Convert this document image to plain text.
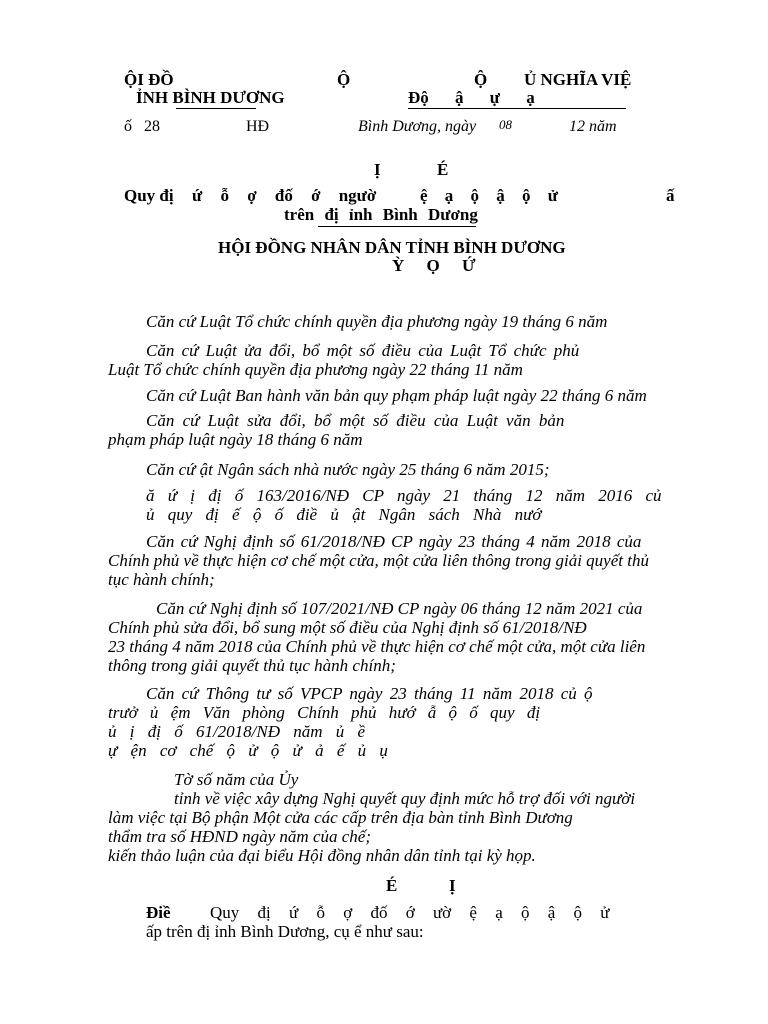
ỘI ĐỒ
ỈNH BÌNH DƯƠNG
ố 28	HĐ
Ộ	Ộ Ủ NGHĨA VIỆ
Độ ậ ự ạ
Bình Dương, ngày 08	12 năm
Ị	É
Quy đị ứ ỗ ợ đố ớ ngườ	ệ ạ ộ ậ ộ ử	ấ
trên đị ỉnh Bình Dương
HỘI ĐỒNG NHÂN DÂN TỈNH BÌNH DƯƠNG
Ỳ Ọ Ứ
Căn cứ Luật Tổ chức chính quyền địa phương ngày 19 tháng 6 năm
Căn cứ Luật ửa đổi, bổ một số điều của Luật Tổ chức phủ
Luật Tổ chức chính quyền địa phương ngày 22 tháng 11 năm
Căn cứ Luật Ban hành văn bản quy phạm pháp luật ngày 22 tháng 6 năm
Căn cứ Luật sửa đổi, bổ một số điều của Luật văn bản
phạm pháp luật ngày 18 tháng 6 năm
Căn cứ ật Ngân sách nhà nước ngày 25 tháng 6 năm 2015;
ă ứ ị đị ố 163/2016/NĐ CP ngày 21 tháng 12 năm 2016 củ
ủ quy đị ế ộ ố điề ủ ật Ngân sách Nhà nướ
Căn cứ Nghị định số 61/2018/NĐ CP ngày 23 tháng 4 năm 2018 của
Chính phủ về thực hiện cơ chế một cửa, một cửa liên thông trong giải quyết thủ
tục hành chính;
Căn cứ Nghị định số 107/2021/NĐ CP ngày 06 tháng 12 năm 2021 của
Chính phủ sửa đổi, bổ sung một số điều của Nghị định số 61/2018/NĐ
23 tháng 4 năm 2018 của Chính phủ về thực hiện cơ chế một cửa, một cửa liên
thông trong giải quyết thủ tục hành chính;
Căn cứ Thông tư số VPCP ngày 23 tháng 11 năm 2018 củ ộ
trưở ủ ệm Văn phòng Chính phủ hướ ẫ ộ ố quy đị
ủ ị đị ố 61/2018/NĐ năm ủ ề
ự ện cơ chế ộ ử ộ ử ả ế ủ ụ
Tờ số năm của Ủy
tỉnh về việc xây dựng Nghị quyết quy định mức hỗ trợ đối với người
làm việc tại Bộ phận Một cửa các cấp trên địa bàn tỉnh Bình Dương
thẩm tra số HĐND ngày năm của chế;
kiến thảo luận của đại biểu Hội đồng nhân dân tỉnh tại kỳ họp.
É	Ị
Điề Quy đị ứ ỗ ợ đố ớ ườ ệ ạ ộ ậ ộ ử
ấp trên đị ỉnh Bình Dương, cụ ể như sau:
